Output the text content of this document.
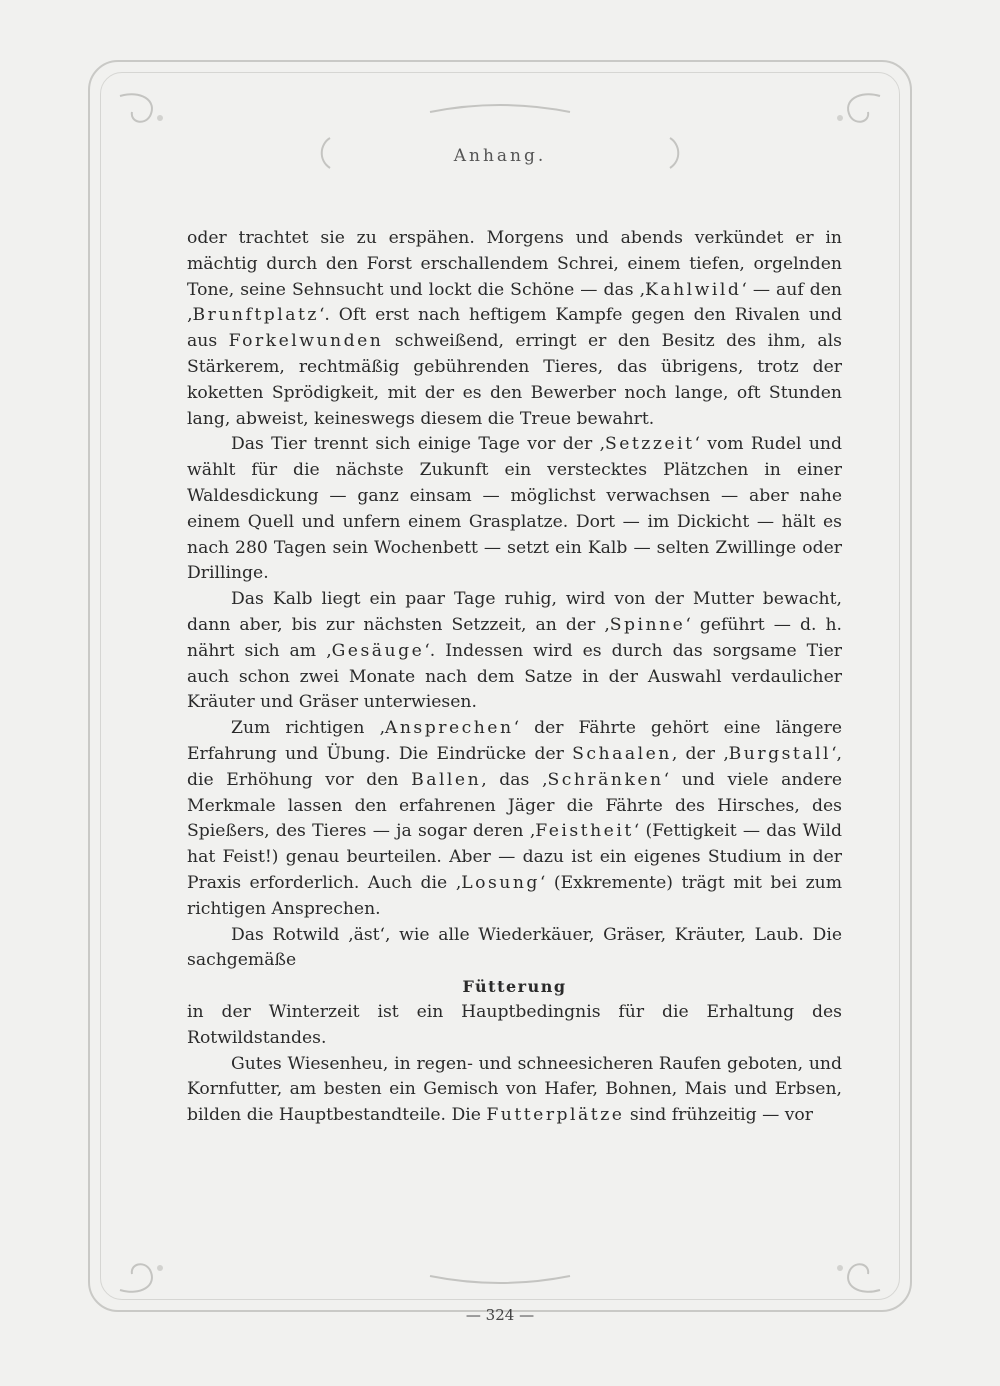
Anhang.

oder trachtet sie zu erspähen. Morgens und abends verkündet er in mächtig durch den Forst erschallendem Schrei, einem tiefen, orgelnden Tone, seine Sehnsucht und lockt die Schöne — das ‚Kahlwild‘ — auf den ‚Brunftplatz‘. Oft erst nach heftigem Kampfe gegen den Rivalen und aus Forkelwunden schweißend, erringt er den Besitz des ihm, als Stärkerem, rechtmäßig gebührenden Tieres, das übrigens, trotz der koketten Sprödigkeit, mit der es den Bewerber noch lange, oft Stunden lang, abweist, keineswegs diesem die Treue bewahrt.

Das Tier trennt sich einige Tage vor der ‚Setzzeit‘ vom Rudel und wählt für die nächste Zukunft ein verstecktes Plätzchen in einer Waldesdickung — ganz einsam — möglichst verwachsen — aber nahe einem Quell und unfern einem Grasplatze. Dort — im Dickicht — hält es nach 280 Tagen sein Wochenbett — setzt ein Kalb — selten Zwillinge oder Drillinge.

Das Kalb liegt ein paar Tage ruhig, wird von der Mutter bewacht, dann aber, bis zur nächsten Setzzeit, an der ‚Spinne‘ geführt — d. h. nährt sich am ‚Gesäuge‘. Indessen wird es durch das sorgsame Tier auch schon zwei Monate nach dem Satze in der Auswahl verdaulicher Kräuter und Gräser unterwiesen.

Zum richtigen ‚Ansprechen‘ der Fährte gehört eine längere Erfahrung und Übung. Die Eindrücke der Schaalen, der ‚Burgstall‘, die Erhöhung vor den Ballen, das ‚Schränken‘ und viele andere Merkmale lassen den erfahrenen Jäger die Fährte des Hirsches, des Spießers, des Tieres — ja sogar deren ‚Feistheit‘ (Fettigkeit — das Wild hat Feist!) genau beurteilen. Aber — dazu ist ein eigenes Studium in der Praxis erforderlich. Auch die ‚Losung‘ (Exkremente) trägt mit bei zum richtigen Ansprechen.

Das Rotwild ‚äst‘, wie alle Wiederkäuer, Gräser, Kräuter, Laub. Die sachgemäße

Fütterung

in der Winterzeit ist ein Hauptbedingnis für die Erhaltung des Rotwildstandes.

Gutes Wiesenheu, in regen- und schneesicheren Raufen geboten, und Kornfutter, am besten ein Gemisch von Hafer, Bohnen, Mais und Erbsen, bilden die Hauptbestandteile. Die Futterplätze sind frühzeitig — vor

— 324 —
